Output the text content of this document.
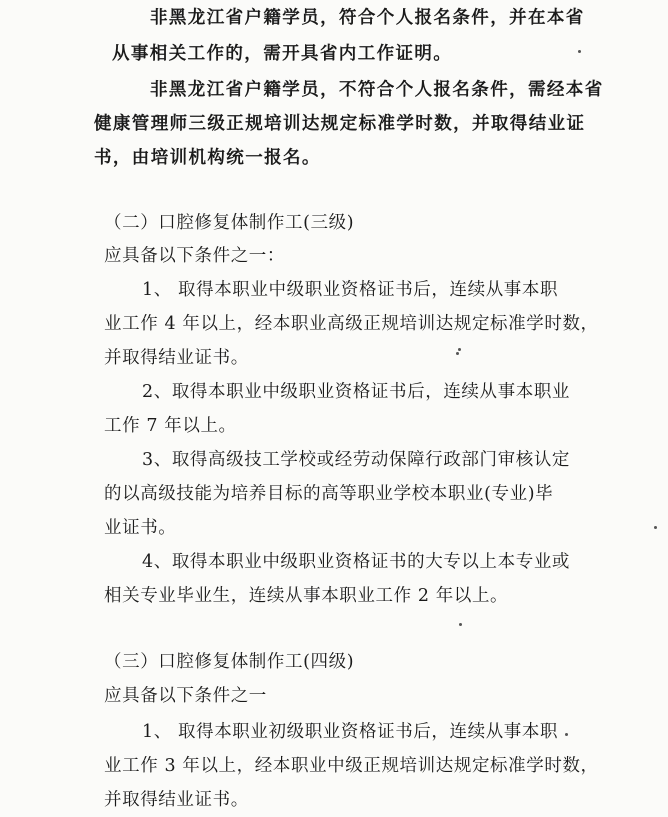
非黑龙江省户籍学员，符合个人报名条件，并在本省
从事相关工作的，需开具省内工作证明。
非黑龙江省户籍学员，不符合个人报名条件，需经本省
健康管理师三级正规培训达规定标准学时数，并取得结业证
书，由培训机构统一报名。
（二）口腔修复体制作工(三级)
应具备以下条件之一：
1、 取得本职业中级职业资格证书后，连续从事本职
业工作 4 年以上，经本职业高级正规培训达规定标准学时数，
并取得结业证书。
2、取得本职业中级职业资格证书后，连续从事本职业
工作 7 年以上。
3、取得高级技工学校或经劳动保障行政部门审核认定
的以高级技能为培养目标的高等职业学校本职业(专业)毕
业证书。
4、取得本职业中级职业资格证书的大专以上本专业或
相关专业毕业生，连续从事本职业工作 2 年以上。
（三）口腔修复体制作工(四级)
应具备以下条件之一
1、 取得本职业初级职业资格证书后，连续从事本职
业工作 3 年以上，经本职业中级正规培训达规定标准学时数，
并取得结业证书。
